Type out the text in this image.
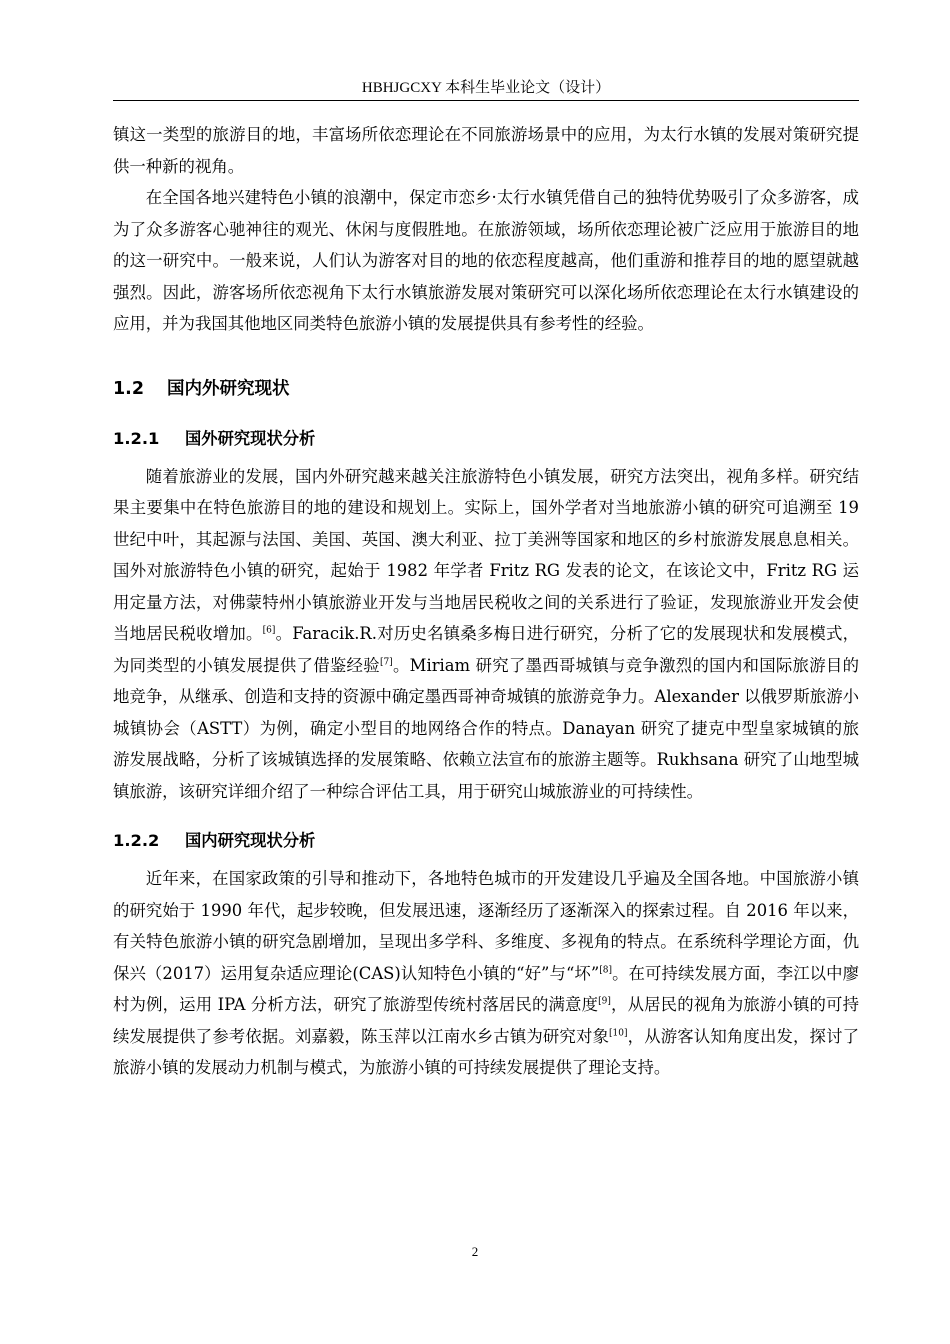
HBHJGCXY 本科生毕业论文（设计）

镇这一类型的旅游目的地，丰富场所依恋理论在不同旅游场景中的应用，为太行水镇的发展对策研究提供一种新的视角。

在全国各地兴建特色小镇的浪潮中，保定市恋乡·太行水镇凭借自己的独特优势吸引了众多游客，成为了众多游客心驰神往的观光、休闲与度假胜地。在旅游领域，场所依恋理论被广泛应用于旅游目的地的这一研究中。一般来说，人们认为游客对目的地的依恋程度越高，他们重游和推荐目的地的愿望就越强烈。因此，游客场所依恋视角下太行水镇旅游发展对策研究可以深化场所依恋理论在太行水镇建设的应用，并为我国其他地区同类特色旅游小镇的发展提供具有参考性的经验。

1.2 国内外研究现状
1.2.1 国外研究现状分析

随着旅游业的发展，国内外研究越来越关注旅游特色小镇发展，研究方法突出，视角多样。研究结果主要集中在特色旅游目的地的建设和规划上。实际上，国外学者对当地旅游小镇的研究可追溯至 19 世纪中叶，其起源与法国、美国、英国、澳大利亚、拉丁美洲等国家和地区的乡村旅游发展息息相关。国外对旅游特色小镇的研究，起始于 1982 年学者 Fritz RG 发表的论文，在该论文中，Fritz RG 运用定量方法，对佛蒙特州小镇旅游业开发与当地居民税收之间的关系进行了验证，发现旅游业开发会使当地居民税收增加。[6]。Faracik.R.对历史名镇桑多梅日进行研究，分析了它的发展现状和发展模式，为同类型的小镇发展提供了借鉴经验[7]。Miriam 研究了墨西哥城镇与竞争激烈的国内和国际旅游目的地竞争，从继承、创造和支持的资源中确定墨西哥神奇城镇的旅游竞争力。Alexander 以俄罗斯旅游小城镇协会（ASTT）为例，确定小型目的地网络合作的特点。Danayan 研究了捷克中型皇家城镇的旅游发展战略，分析了该城镇选择的发展策略、依赖立法宣布的旅游主题等。Rukhsana 研究了山地型城镇旅游，该研究详细介绍了一种综合评估工具，用于研究山城旅游业的可持续性。

1.2.2 国内研究现状分析

近年来，在国家政策的引导和推动下，各地特色城市的开发建设几乎遍及全国各地。中国旅游小镇的研究始于 1990 年代，起步较晚，但发展迅速，逐渐经历了逐渐深入的探索过程。自 2016 年以来，有关特色旅游小镇的研究急剧增加，呈现出多学科、多维度、多视角的特点。在系统科学理论方面，仇保兴（2017）运用复杂适应理论(CAS)认知特色小镇的“好”与“坏”[8]。在可持续发展方面，李江以中廖村为例，运用 IPA 分析方法，研究了旅游型传统村落居民的满意度[9]，从居民的视角为旅游小镇的可持续发展提供了参考依据。刘嘉毅，陈玉萍以江南水乡古镇为研究对象[10]，从游客认知角度出发，探讨了旅游小镇的发展动力机制与模式，为旅游小镇的可持续发展提供了理论支持。

2
